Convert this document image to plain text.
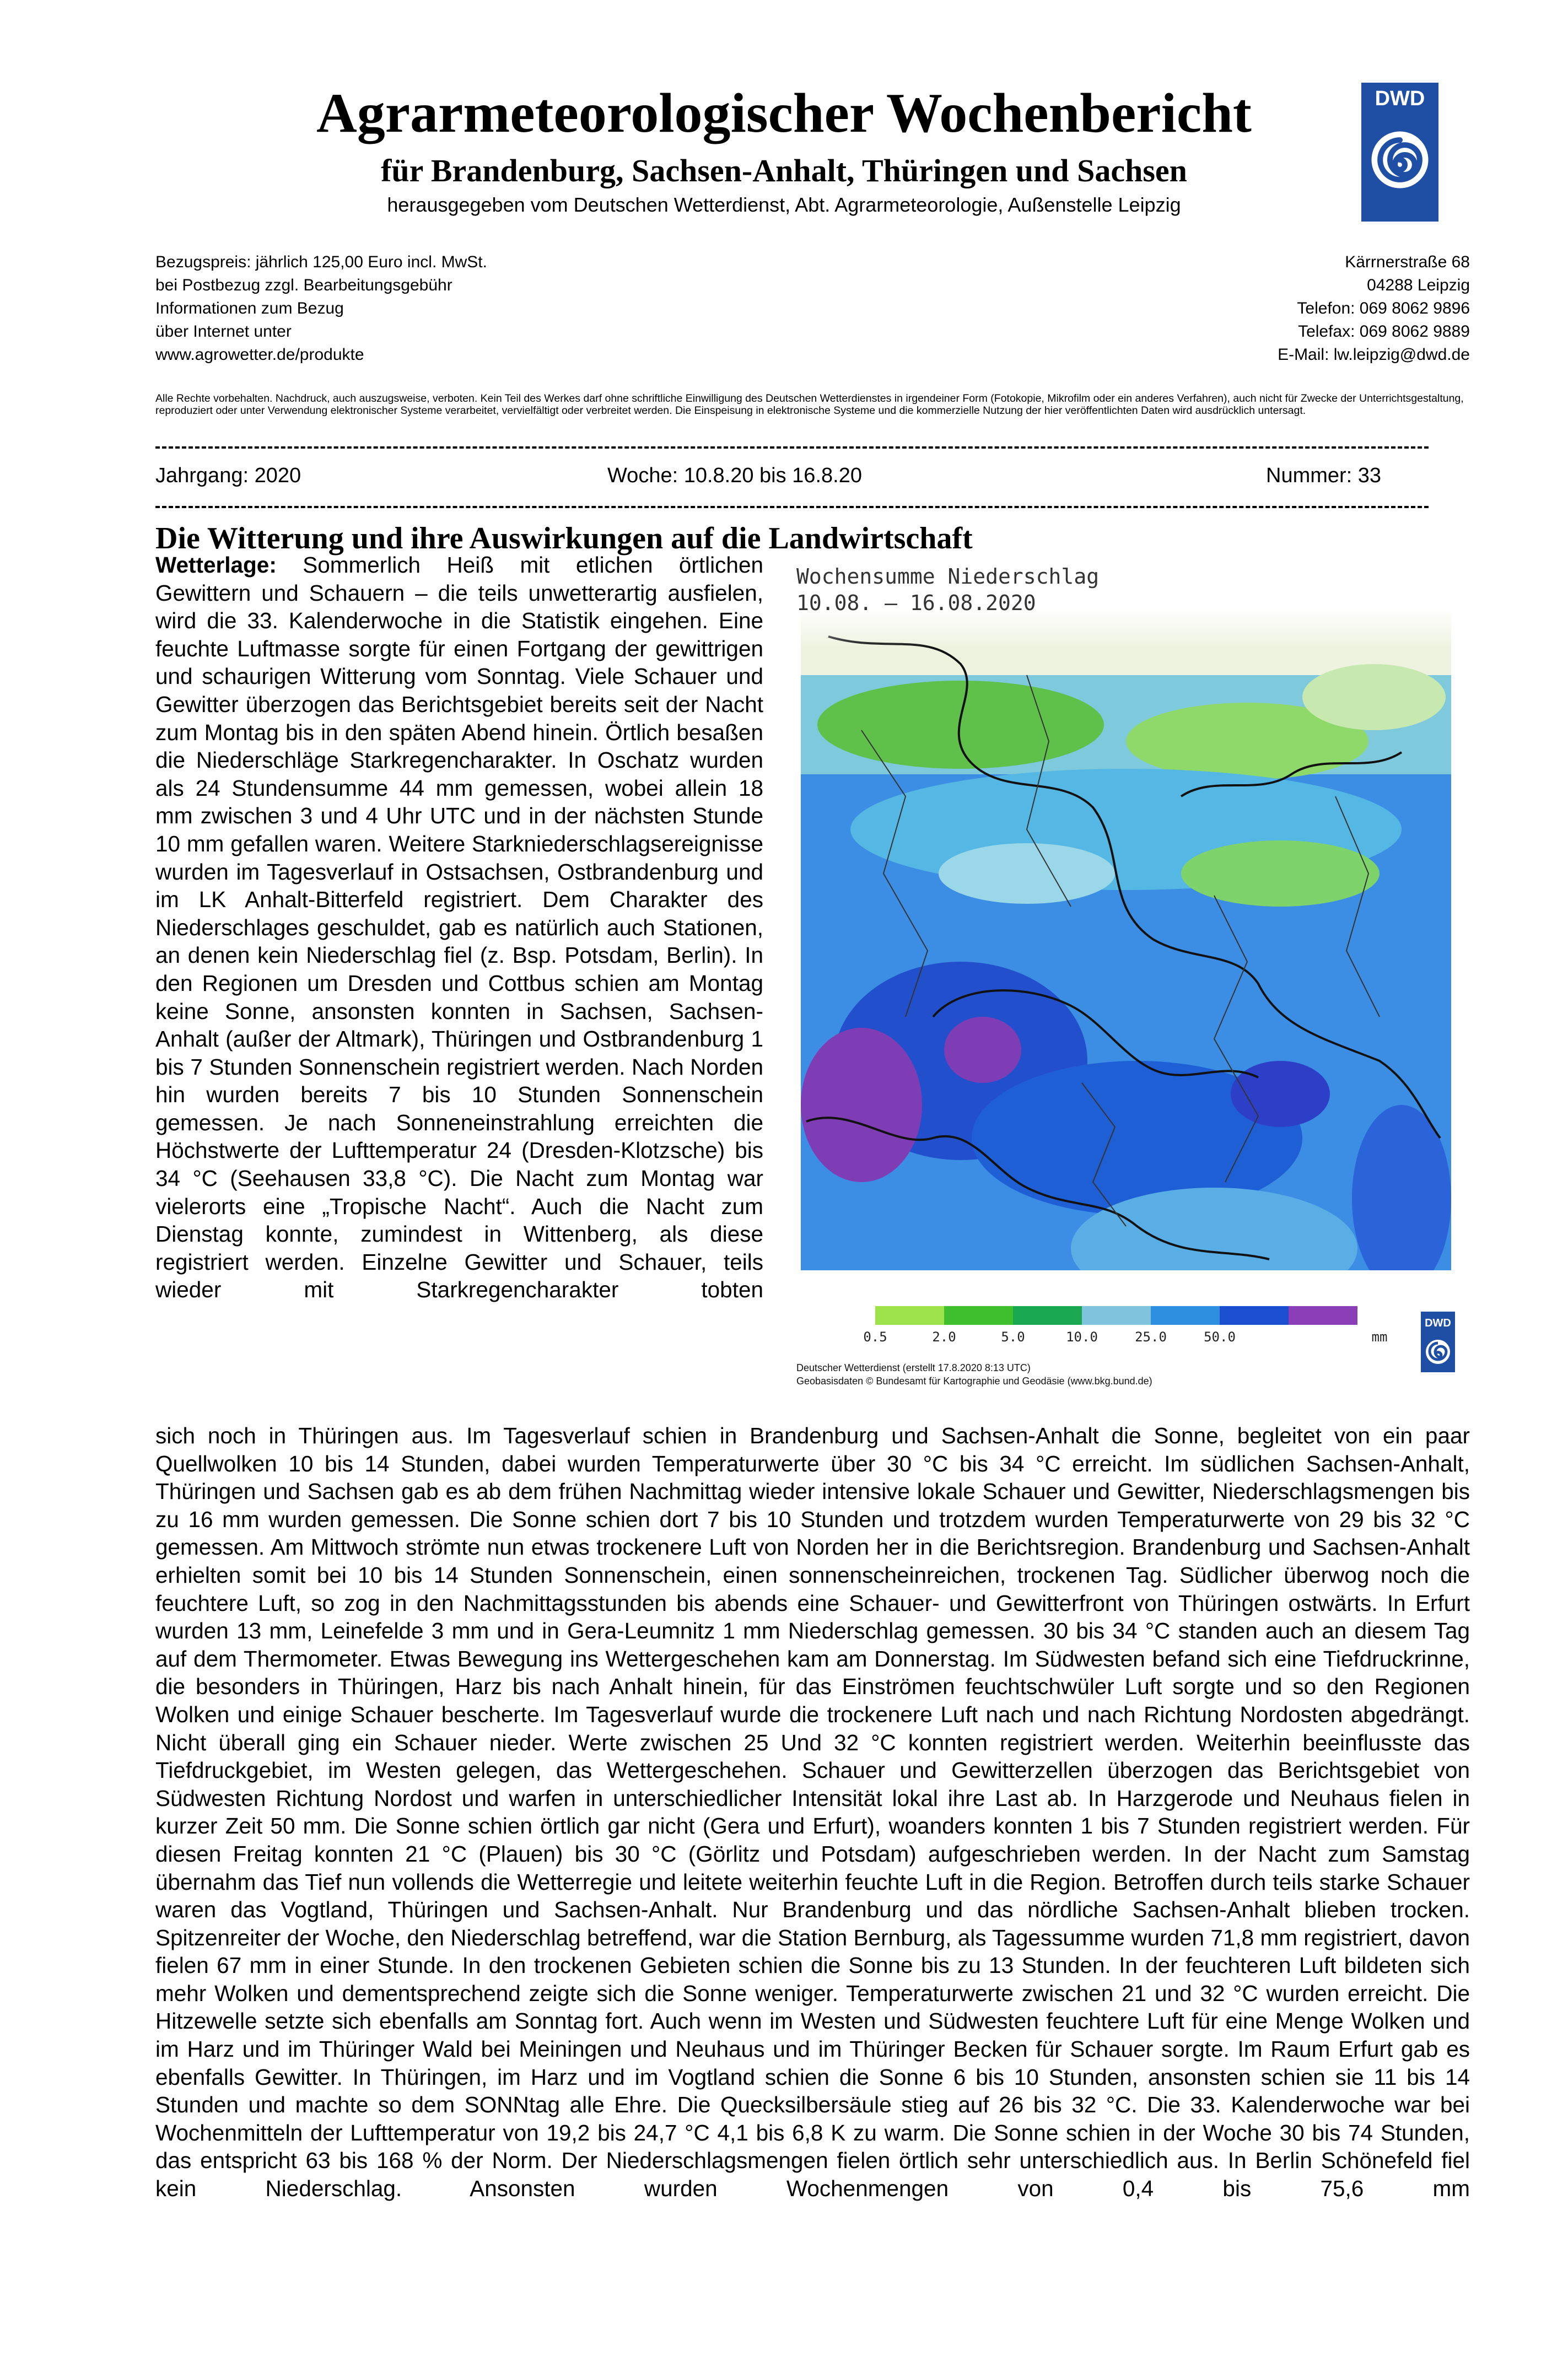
Agrarmeteorologischer Wochenbericht
für Brandenburg, Sachsen-Anhalt, Thüringen und Sachsen
herausgegeben vom Deutschen Wetterdienst, Abt. Agrarmeteorologie, Außenstelle Leipzig
DWD
Bezugspreis: jährlich 125,00 Euro incl. MwSt.
bei Postbezug zzgl. Bearbeitungsgebühr
Informationen zum Bezug
über Internet unter
www.agrowetter.de/produkte
Kärrnerstraße 68
04288 Leipzig
Telefon: 069 8062 9896
Telefax: 069 8062 9889
E-Mail: lw.leipzig@dwd.de
Alle Rechte vorbehalten. Nachdruck, auch auszugsweise, verboten. Kein Teil des Werkes darf ohne schriftliche Einwilligung des Deutschen Wetterdienstes in irgendeiner Form (Fotokopie, Mikrofilm oder ein anderes Verfahren), auch nicht für Zwecke der Unterrichtsgestaltung, reproduziert oder unter Verwendung elektronischer Systeme verarbeitet, vervielfältigt oder verbreitet werden. Die Einspeisung in elektronische Systeme und die kommerzielle Nutzung der hier veröffentlichten Daten wird ausdrücklich untersagt.
Jahrgang: 2020	Woche: 10.8.20 bis 16.8.20	Nummer: 33
Die Witterung und ihre Auswirkungen auf die Landwirtschaft
Wetterlage: Sommerlich Heiß mit etlichen örtlichen Gewittern und Schauern – die teils unwetterartig ausfielen, wird die 33. Kalenderwoche in die Statistik eingehen. Eine feuchte Luftmasse sorgte für einen Fortgang der gewittrigen und schaurigen Witterung vom Sonntag. Viele Schauer und Gewitter überzogen das Berichtsgebiet bereits seit der Nacht zum Montag bis in den späten Abend hinein. Örtlich besaßen die Niederschläge Starkregencharakter. In Oschatz wurden als 24 Stundensumme 44 mm gemessen, wobei allein 18 mm zwischen 3 und 4 Uhr UTC und in der nächsten Stunde 10 mm gefallen waren. Weitere Starkniederschlagsereignisse wurden im Tagesverlauf in Ostsachsen, Ostbrandenburg und im LK Anhalt-Bitterfeld registriert. Dem Charakter des Niederschlages geschuldet, gab es natürlich auch Stationen, an denen kein Niederschlag fiel (z. Bsp. Potsdam, Berlin). In den Regionen um Dresden und Cottbus schien am Montag keine Sonne, ansonsten konnten in Sachsen, Sachsen-Anhalt (außer der Altmark), Thüringen und Ostbrandenburg 1 bis 7 Stunden Sonnenschein registriert werden. Nach Norden hin wurden bereits 7 bis 10 Stunden Sonnenschein gemessen. Je nach Sonneneinstrahlung erreichten die Höchstwerte der Lufttemperatur 24 (Dresden-Klotzsche) bis 34 °C (Seehausen 33,8 °C). Die Nacht zum Montag war vielerorts eine „Tropische Nacht“. Auch die Nacht zum Dienstag konnte, zumindest in Wittenberg, als diese registriert werden. Einzelne Gewitter und Schauer, teils wieder mit Starkregencharakter tobten
sich noch in Thüringen aus. Im Tagesverlauf schien in Brandenburg und Sachsen-Anhalt die Sonne, begleitet von ein paar Quellwolken 10 bis 14 Stunden, dabei wurden Temperaturwerte über 30 °C bis 34 °C erreicht. Im südlichen Sachsen-Anhalt, Thüringen und Sachsen gab es ab dem frühen Nachmittag wieder intensive lokale Schauer und Gewitter, Niederschlagsmengen bis zu 16 mm wurden gemessen. Die Sonne schien dort 7 bis 10 Stunden und trotzdem wurden Temperaturwerte von 29 bis 32 °C gemessen. Am Mittwoch strömte nun etwas trockenere Luft von Norden her in die Berichtsregion. Brandenburg und Sachsen-Anhalt erhielten somit bei 10 bis 14 Stunden Sonnenschein, einen sonnenscheinreichen, trockenen Tag. Südlicher überwog noch die feuchtere Luft, so zog in den Nachmittagsstunden bis abends eine Schauer- und Gewitterfront von Thüringen ostwärts. In Erfurt wurden 13 mm, Leinefelde 3 mm und in Gera-Leumnitz 1 mm Niederschlag gemessen. 30 bis 34 °C standen auch an diesem Tag auf dem Thermometer. Etwas Bewegung ins Wettergeschehen kam am Donnerstag. Im Südwesten befand sich eine Tiefdruckrinne, die besonders in Thüringen, Harz bis nach Anhalt hinein, für das Einströmen feuchtschwüler Luft sorgte und so den Regionen Wolken und einige Schauer bescherte. Im Tagesverlauf wurde die trockenere Luft nach und nach Richtung Nordosten abgedrängt. Nicht überall ging ein Schauer nieder. Werte zwischen 25 Und 32 °C konnten registriert werden. Weiterhin beeinflusste das Tiefdruckgebiet, im Westen gelegen, das Wettergeschehen. Schauer und Gewitterzellen überzogen das Berichtsgebiet von Südwesten Richtung Nordost und warfen in unterschiedlicher Intensität lokal ihre Last ab. In Harzgerode und Neuhaus fielen in kurzer Zeit 50 mm. Die Sonne schien örtlich gar nicht (Gera und Erfurt), woanders konnten 1 bis 7 Stunden registriert werden. Für diesen Freitag konnten 21 °C (Plauen) bis 30 °C (Görlitz und Potsdam) aufgeschrieben werden. In der Nacht zum Samstag übernahm das Tief nun vollends die Wetterregie und leitete weiterhin feuchte Luft in die Region. Betroffen durch teils starke Schauer waren das Vogtland, Thüringen und Sachsen-Anhalt. Nur Brandenburg und das nördliche Sachsen-Anhalt blieben trocken. Spitzenreiter der Woche, den Niederschlag betreffend, war die Station Bernburg, als Tagessumme wurden 71,8 mm registriert, davon fielen 67 mm in einer Stunde. In den trockenen Gebieten schien die Sonne bis zu 13 Stunden. In der feuchteren Luft bildeten sich mehr Wolken und dementsprechend zeigte sich die Sonne weniger. Temperaturwerte zwischen 21 und 32 °C wurden erreicht. Die Hitzewelle setzte sich ebenfalls am Sonntag fort. Auch wenn im Westen und Südwesten feuchtere Luft für eine Menge Wolken und im Harz und im Thüringer Wald bei Meiningen und Neuhaus und im Thüringer Becken für Schauer sorgte. Im Raum Erfurt gab es ebenfalls Gewitter. In Thüringen, im Harz und im Vogtland schien die Sonne 6 bis 10 Stunden, ansonsten schien sie 11 bis 14 Stunden und machte so dem SONNtag alle Ehre. Die Quecksilbersäule stieg auf 26 bis 32 °C. Die 33. Kalenderwoche war bei Wochenmitteln der Lufttemperatur von 19,2 bis 24,7 °C 4,1 bis 6,8 K zu warm. Die Sonne schien in der Woche 30 bis 74 Stunden, das entspricht 63 bis 168 % der Norm. Der Niederschlagsmengen fielen örtlich sehr unterschiedlich aus. In Berlin Schönefeld fiel kein Niederschlag. Ansonsten wurden Wochenmengen von 0,4 bis 75,6 mm
0.5	2.0	5.0	10.0	25.0	50.0	mm
DWD
Wochensumme Niederschlag
10.08. – 16.08.2020
Deutscher Wetterdienst (erstellt 17.8.2020 8:13 UTC)
Geobasisdaten © Bundesamt für Kartographie und Geodäsie (www.bkg.bund.de)
